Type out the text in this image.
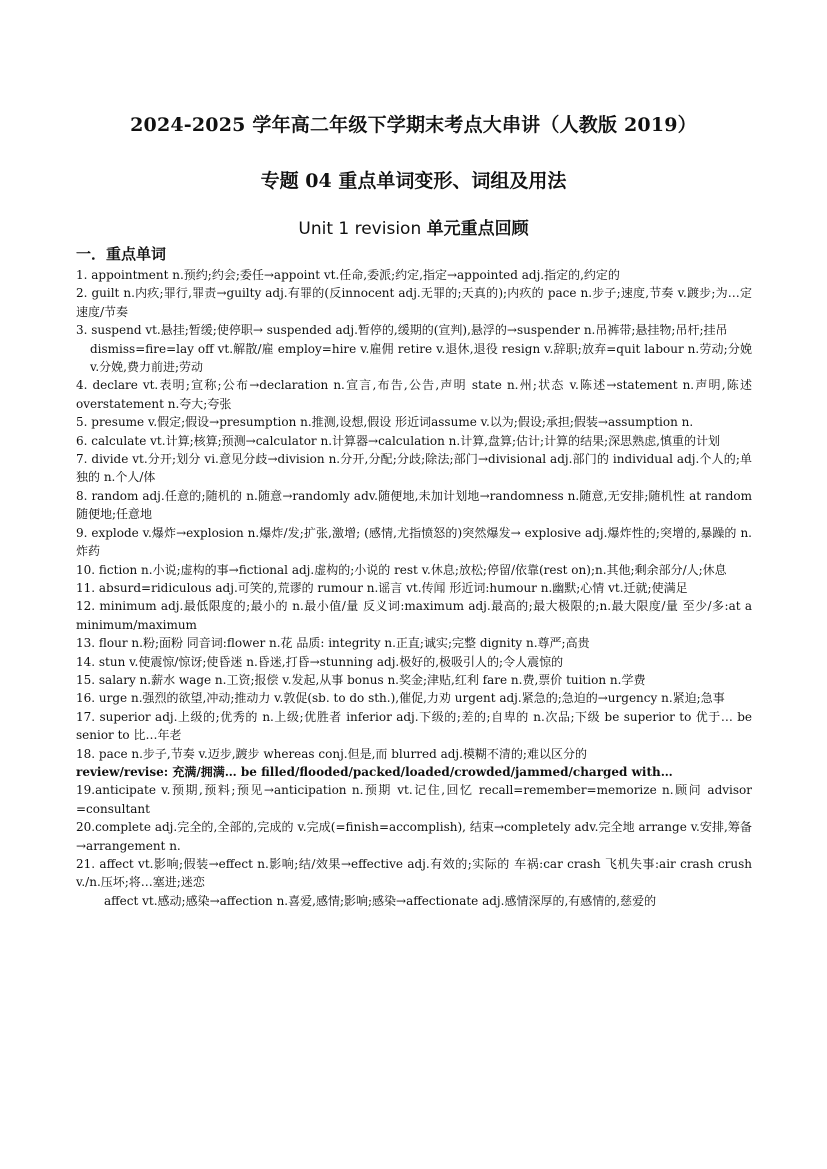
2024-2025 学年高二年级下学期末考点大串讲（人教版 2019）
专题 04 重点单词变形、词组及用法
Unit 1 revision 单元重点回顾
一．重点单词

1. appointment n.预约;约会;委任→appoint vt.任命,委派;约定,指定→appointed adj.指定的,约定的

2. guilt n.内疚;罪行,罪责→guilty adj.有罪的(反innocent adj.无罪的;天真的);内疚的 pace n.步子;速度,节奏 v.踱步;为…定速度/节奏

3. suspend vt.悬挂;暂缓;使停职→ suspended adj.暂停的,缓期的(宣判),悬浮的→suspender n.吊裤带;悬挂物;吊杆;挂吊

dismiss=fire=lay off vt.解散/雇 employ=hire v.雇佣 retire v.退休,退役 resign v.辞职;放弃=quit labour n.劳动;分娩 v.分娩,费力前进;劳动

4. declare vt.表明;宣称;公布→declaration n.宣言,布告,公告,声明 state n.州;状态 v.陈述→statement n.声明,陈述 overstatement n.夸大;夸张

5. presume v.假定;假设→presumption n.推测,设想,假设 形近词assume v.以为;假设;承担;假装→assumption n.

6. calculate vt.计算;核算;预测→calculator n.计算器→calculation n.计算,盘算;估计;计算的结果;深思熟虑,慎重的计划

7. divide vt.分开;划分 vi.意见分歧→division n.分开,分配;分歧;除法;部门→divisional adj.部门的 individual adj.个人的;单独的 n.个人/体

8. random adj.任意的;随机的 n.随意→randomly adv.随便地,未加计划地→randomness n.随意,无安排;随机性 at random 随便地;任意地

9. explode v.爆炸→explosion n.爆炸/发;扩张,激增; (感情,尤指愤怒的)突然爆发→ explosive adj.爆炸性的;突增的,暴躁的 n.炸药

10. fiction n.小说;虚构的事→fictional adj.虚构的;小说的 rest v.休息;放松;停留/依靠(rest on);n.其他;剩余部分/人;休息

11. absurd=ridiculous adj.可笑的,荒谬的 rumour n.谣言 vt.传闻 形近词:humour n.幽默;心情 vt.迁就;使满足

12. minimum adj.最低限度的;最小的 n.最小值/量 反义词:maximum adj.最高的;最大极限的;n.最大限度/量 至少/多:at a minimum/maximum

13. flour n.粉;面粉 同音词:flower n.花 品质: integrity n.正直;诚实;完整 dignity n.尊严;高贵

14. stun v.使震惊/惊讶;使昏迷 n.昏迷,打昏→stunning adj.极好的,极吸引人的;令人震惊的

15. salary n.薪水 wage n.工资;报偿 v.发起,从事 bonus n.奖金;津贴,红利 fare n.费,票价 tuition n.学费

16. urge n.强烈的欲望,冲动;推动力 v.敦促(sb. to do sth.),催促,力劝 urgent adj.紧急的;急迫的→urgency n.紧迫;急事

17. superior adj.上级的;优秀的 n.上级;优胜者 inferior adj.下级的;差的;自卑的 n.次品;下级 be superior to 优于… be senior to 比…年老

18. pace n.步子,节奏 v.迈步,踱步 whereas conj.但是,而 blurred adj.模糊不清的;难以区分的

review/revise: 充满/拥满… be filled/flooded/packed/loaded/crowded/jammed/charged with…

19.anticipate v.预期,预料;预见→anticipation n.预期 vt.记住,回忆 recall=remember=memorize n.顾问 advisor =consultant

20.complete adj.完全的,全部的,完成的 v.完成(=finish=accomplish), 结束→completely adv.完全地 arrange v.安排,筹备→arrangement n.

21. affect vt.影响;假装→effect n.影响;结/效果→effective adj.有效的;实际的 车祸:car crash 飞机失事:air crash crush v./n.压坏;将…塞进;迷恋

affect vt.感动;感染→affection n.喜爱,感情;影响;感染→affectionate adj.感情深厚的,有感情的,慈爱的
